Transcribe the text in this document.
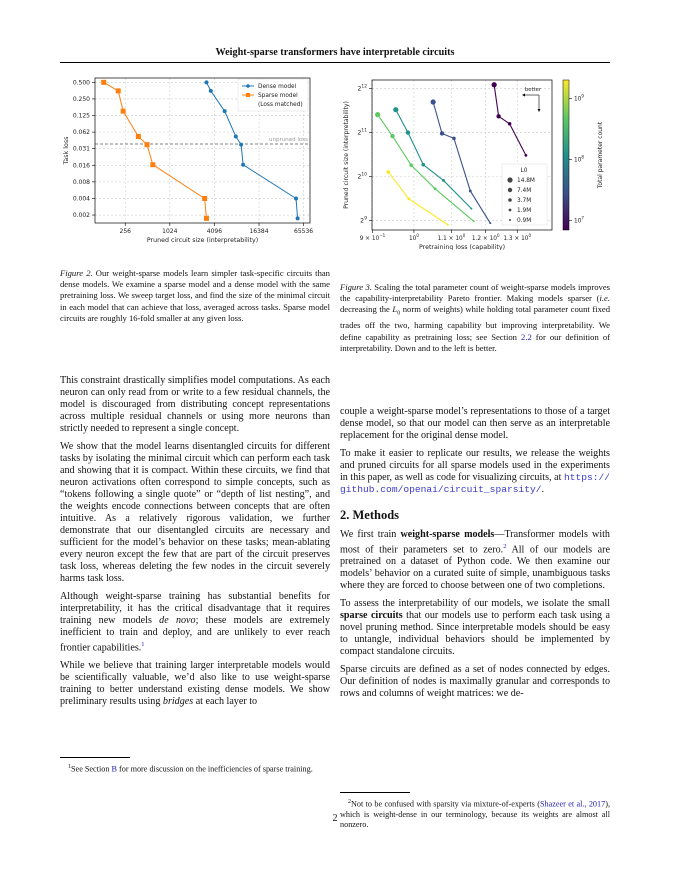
Weight-sparse transformers have interpretable circuits
256	1024	4096	16384	65536
0.500
0.250
0.125
0.062
0.031
0.016
0.008
0.004
0.002
unpruned loss
Dense model
Sparse model
(Loss matched)
Pruned circuit size (interpretability)
Task loss
$9 \times 10^{-1}$
$10^0$
$1.1 \times 10^0$
$1.2 \times 10^0$
$1.3 \times 10^0$
$2^9$
$2^{10}$
$2^{11}$
$2^{12}$	better
L0
14.8M
7.4M
3.7M
1.9M
0.9M	$10^7$
$10^8$
$10^9$
Total parameter count
Pretraining loss (capability)
Pruned circuit size (interpretability)
Figure 2. Our weight-sparse models learn simpler task-specific circuits than dense models. We examine a sparse model and a dense model with the same pretraining loss. We sweep target loss, and find the size of the minimal circuit in each model that can achieve that loss, averaged across tasks. Sparse model circuits are roughly 16-fold smaller at any given loss.
Figure 3. Scaling the total parameter count of weight-sparse models improves the capability-interpretability Pareto frontier. Making models sparser (i.e. decreasing the $L_0$ norm of weights) while holding total parameter count fixed trades off the two, harming capability but improving interpretability. We define capability as pretraining loss; see Section 2.2 for our definition of interpretability. Down and to the left is better.

This constraint drastically simplifies model computations. As each neuron can only read from or write to a few residual channels, the model is discouraged from distributing concept representations across multiple residual channels or using more neurons than strictly needed to represent a single concept.

We show that the model learns disentangled circuits for different tasks by isolating the minimal circuit which can perform each task and showing that it is compact. Within these circuits, we find that neuron activations often correspond to simple concepts, such as “tokens following a single quote” or “depth of list nesting”, and the weights encode connections between concepts that are often intuitive. As a relatively rigorous validation, we further demonstrate that our disentangled circuits are necessary and sufficient for the model’s behavior on these tasks; mean-ablating every neuron except the few that are part of the circuit preserves task loss, whereas deleting the few nodes in the circuit severely harms task loss.

Although weight-sparse training has substantial benefits for interpretability, it has the critical disadvantage that it requires training new models de novo; these models are extremely inefficient to train and deploy, and are unlikely to ever reach frontier capabilities.$^1$

While we believe that training larger interpretable models would be scientifically valuable, we’d also like to use weight-sparse training to better understand existing dense models. We show preliminary results using bridges at each layer to

$^1$See Section B for more discussion on the inefficiencies of sparse training.

couple a weight-sparse model’s representations to those of a target dense model, so that our model can then serve as an interpretable replacement for the original dense model.

To make it easier to replicate our results, we release the weights and pruned circuits for all sparse models used in the experiments in this paper, as well as code for visualizing circuits, at https://github.com/openai/circuit_sparsity/.

2. Methods

We first train weight-sparse models—Transformer models with most of their parameters set to zero.$^2$ All of our models are pretrained on a dataset of Python code. We then examine our models’ behavior on a curated suite of simple, unambiguous tasks where they are forced to choose between one of two completions.

To assess the interpretability of our models, we isolate the small sparse circuits that our models use to perform each task using a novel pruning method. Since interpretable models should be easy to untangle, individual behaviors should be implemented by compact standalone circuits.

Sparse circuits are defined as a set of nodes connected by edges. Our definition of nodes is maximally granular and corresponds to rows and columns of weight matrices: we de-

$^2$Not to be confused with sparsity via mixture-of-experts (Shazeer et al., 2017), which is weight-dense in our terminology, because its weights are almost all nonzero.
2
